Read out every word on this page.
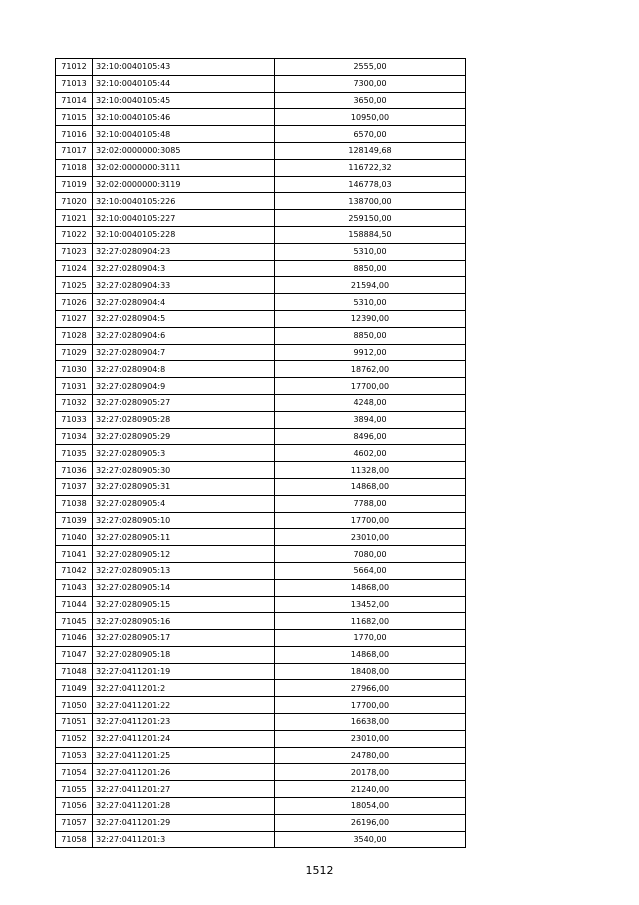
71012	32:10:0040105:43	2555,00
71013	32:10:0040105:44	7300,00
71014	32:10:0040105:45	3650,00
71015	32:10:0040105:46	10950,00
71016	32:10:0040105:48	6570,00
71017	32:02:0000000:3085	128149,68
71018	32:02:0000000:3111	116722,32
71019	32:02:0000000:3119	146778,03
71020	32:10:0040105:226	138700,00
71021	32:10:0040105:227	259150,00
71022	32:10:0040105:228	158884,50
71023	32:27:0280904:23	5310,00
71024	32:27:0280904:3	8850,00
71025	32:27:0280904:33	21594,00
71026	32:27:0280904:4	5310,00
71027	32:27:0280904:5	12390,00
71028	32:27:0280904:6	8850,00
71029	32:27:0280904:7	9912,00
71030	32:27:0280904:8	18762,00
71031	32:27:0280904:9	17700,00
71032	32:27:0280905:27	4248,00
71033	32:27:0280905:28	3894,00
71034	32:27:0280905:29	8496,00
71035	32:27:0280905:3	4602,00
71036	32:27:0280905:30	11328,00
71037	32:27:0280905:31	14868,00
71038	32:27:0280905:4	7788,00
71039	32:27:0280905:10	17700,00
71040	32:27:0280905:11	23010,00
71041	32:27:0280905:12	7080,00
71042	32:27:0280905:13	5664,00
71043	32:27:0280905:14	14868,00
71044	32:27:0280905:15	13452,00
71045	32:27:0280905:16	11682,00
71046	32:27:0280905:17	1770,00
71047	32:27:0280905:18	14868,00
71048	32:27:0411201:19	18408,00
71049	32:27:0411201:2	27966,00
71050	32:27:0411201:22	17700,00
71051	32:27:0411201:23	16638,00
71052	32:27:0411201:24	23010,00
71053	32:27:0411201:25	24780,00
71054	32:27:0411201:26	20178,00
71055	32:27:0411201:27	21240,00
71056	32:27:0411201:28	18054,00
71057	32:27:0411201:29	26196,00
71058	32:27:0411201:3	3540,00
1512
